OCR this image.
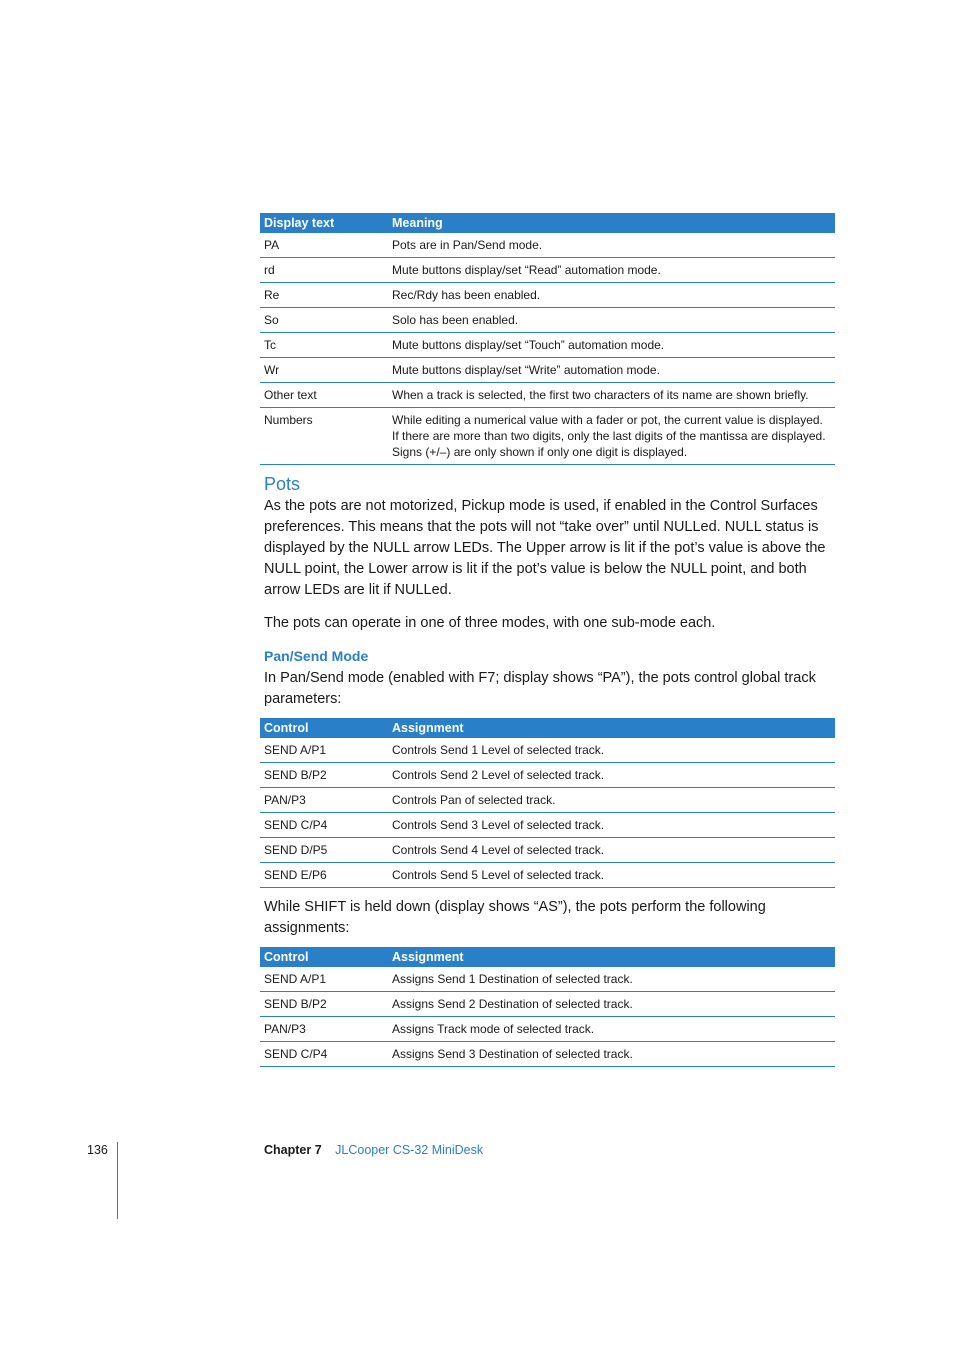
Display text	Meaning
PA	Pots are in Pan/Send mode.
rd	Mute buttons display/set “Read” automation mode.
Re	Rec/Rdy has been enabled.
So	Solo has been enabled.
Tc	Mute buttons display/set “Touch” automation mode.
Wr	Mute buttons display/set “Write” automation mode.
Other text	When a track is selected, the first two characters of its name are shown briefly.
Numbers	While editing a numerical value with a fader or pot, the current value is displayed. If there are more than two digits, only the last digits of the mantissa are displayed. Signs (+/–) are only shown if only one digit is displayed.
Pots

As the pots are not motorized, Pickup mode is used, if enabled in the Control Surfaces preferences. This means that the pots will not “take over” until NULLed. NULL status is displayed by the NULL arrow LEDs. The Upper arrow is lit if the pot’s value is above the NULL point, the Lower arrow is lit if the pot’s value is below the NULL point, and both arrow LEDs are lit if NULLed.

The pots can operate in one of three modes, with one sub-mode each.

Pan/Send Mode

In Pan/Send mode (enabled with F7; display shows “PA”), the pots control global track parameters:

Control	Assignment
SEND A/P1	Controls Send 1 Level of selected track.
SEND B/P2	Controls Send 2 Level of selected track.
PAN/P3	Controls Pan of selected track.
SEND C/P4	Controls Send 3 Level of selected track.
SEND D/P5	Controls Send 4 Level of selected track.
SEND E/P6	Controls Send 5 Level of selected track.

While SHIFT is held down (display shows “AS”), the pots perform the following assignments:

Control	Assignment
SEND A/P1	Assigns Send 1 Destination of selected track.
SEND B/P2	Assigns Send 2 Destination of selected track.
PAN/P3	Assigns Track mode of selected track.
SEND C/P4	Assigns Send 3 Destination of selected track.
136	Chapter 7 JLCooper CS-32 MiniDesk
